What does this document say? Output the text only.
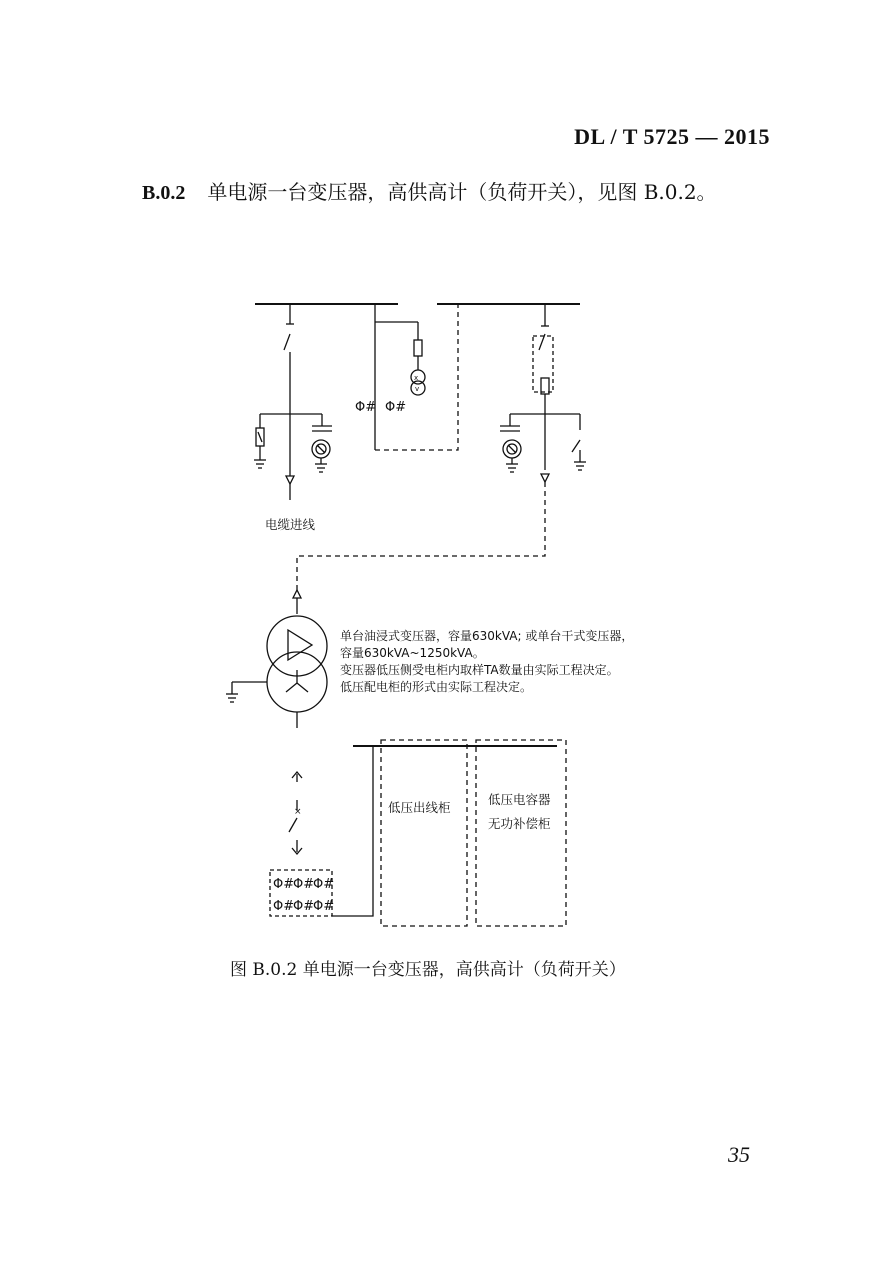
DL / T 5725 — 2015
B.0.2 单电源一台变压器，高供高计（负荷开关），见图 B.0.2。
x
v
Φ# Φ#
×
Φ#
Φ#
Φ#
Φ#
Φ#
Φ#
电缆进线
低压出线柜
低压电容器
无功补偿柜
单台油浸式变压器，容量630kVA; 或单台干式变压器，
容量630kVA~1250kVA。
变压器低压侧受电柜内取样TA数量由实际工程决定。
低压配电柜的形式由实际工程决定。
图 B.0.2 单电源一台变压器，高供高计（负荷开关）
35
